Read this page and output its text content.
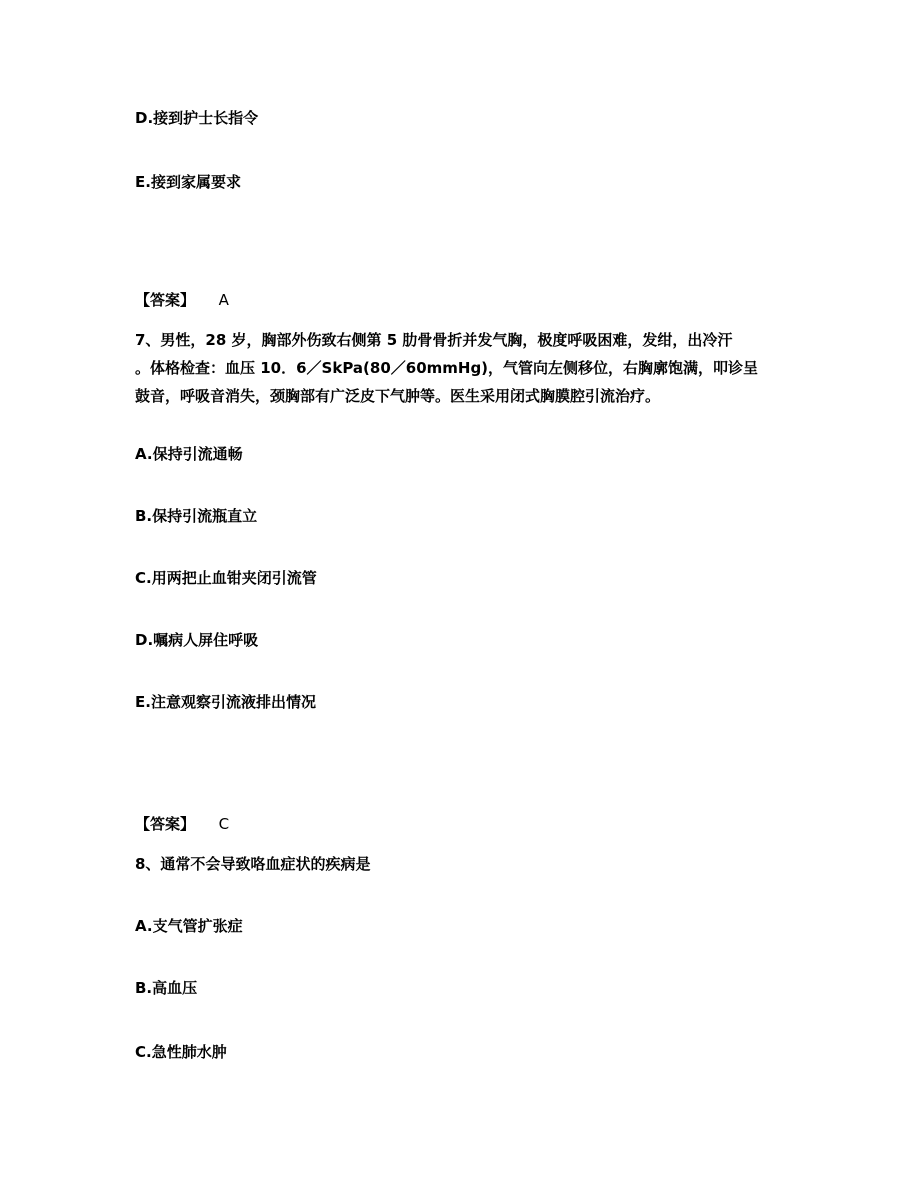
D.接到护士长指令
E.接到家属要求
【答案】 A
7、男性，28 岁，胸部外伤致右侧第 5 肋骨骨折并发气胸，极度呼吸困难，发绀，出冷汗
。体格检查：血压 10．6／SkPa(80／60mmHg)，气管向左侧移位，右胸廓饱满，叩诊呈
鼓音，呼吸音消失，颈胸部有广泛皮下气肿等。医生采用闭式胸膜腔引流治疗。
A.保持引流通畅
B.保持引流瓶直立
C.用两把止血钳夹闭引流管
D.嘱病人屏住呼吸
E.注意观察引流液排出情况
【答案】 C
8、通常不会导致咯血症状的疾病是
A.支气管扩张症
B.高血压
C.急性肺水肿
